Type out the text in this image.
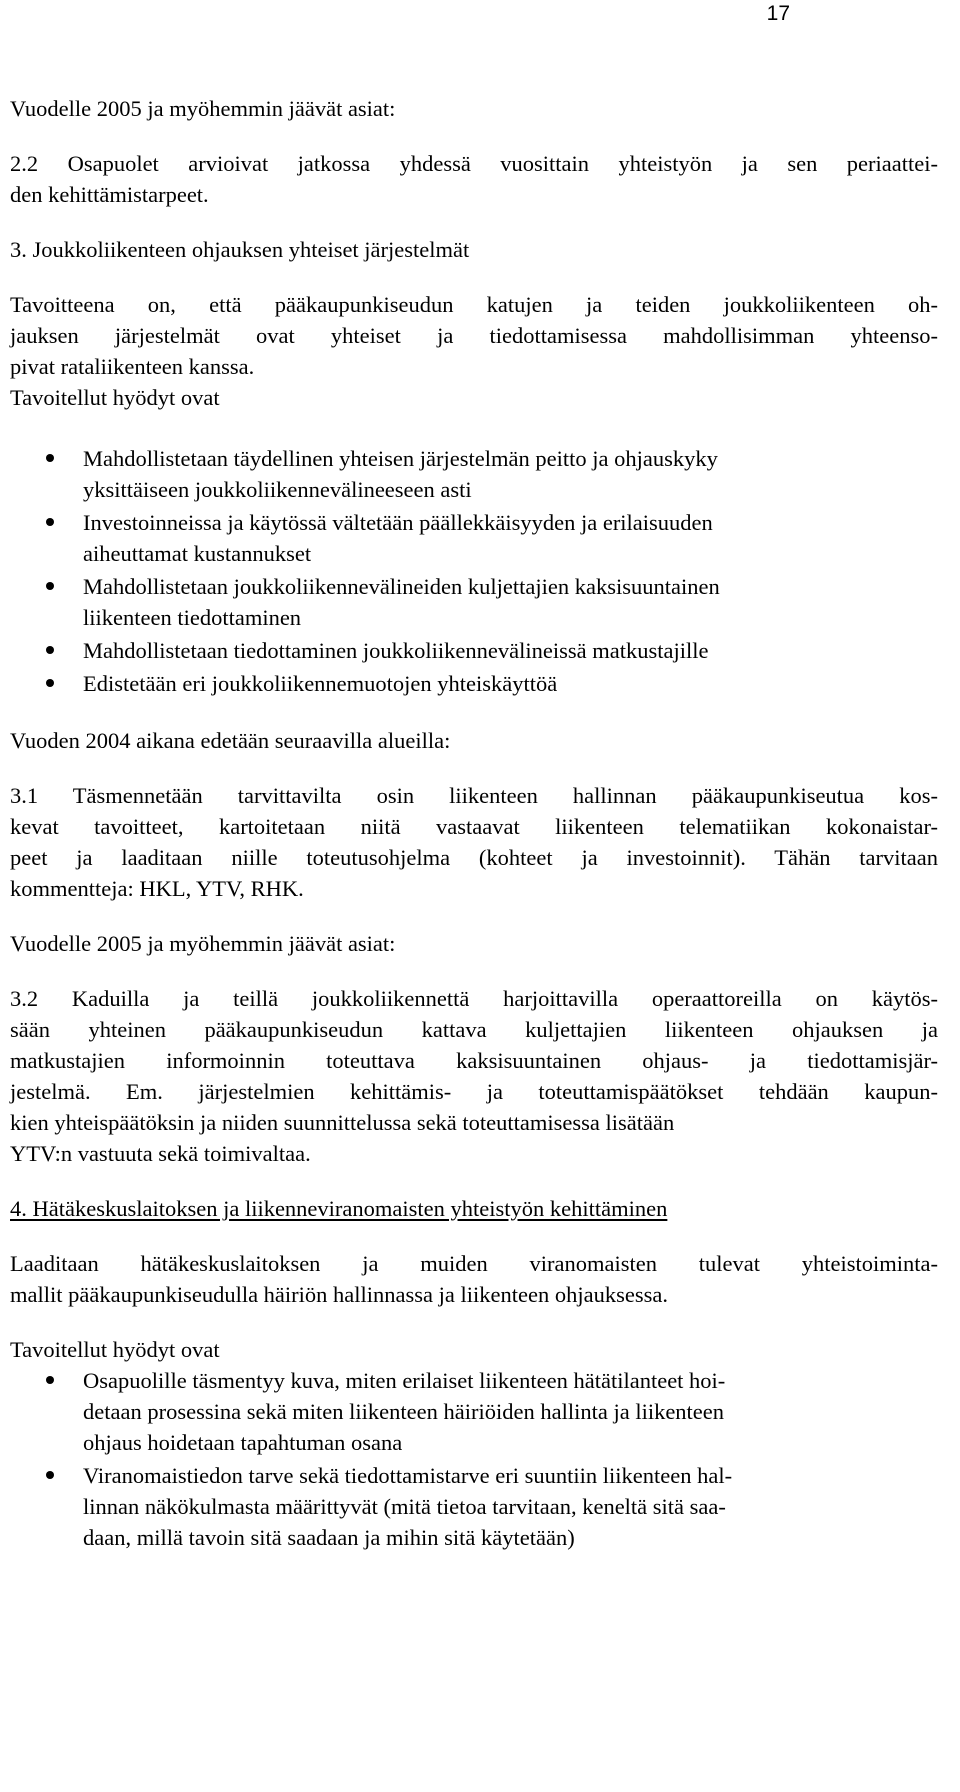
17

Vuodelle 2005 ja myöhemmin jäävät asiat:

2.2 Osapuolet arvioivat jatkossa yhdessä vuosittain yhteistyön ja sen periaattei-
den kehittämistarpeet.

3. Joukkoliikenteen ohjauksen yhteiset järjestelmät

Tavoitteena on, että pääkaupunkiseudun katujen ja teiden joukkoliikenteen oh-
jauksen järjestelmät ovat yhteiset ja tiedottamisessa mahdollisimman yhteenso-
pivat rataliikenteen kanssa.

Tavoitellut hyödyt ovat

Mahdollistetaan täydellinen yhteisen järjestelmän peitto ja ohjauskyky
yksittäiseen joukkoliikennevälineeseen asti
Investoinneissa ja käytössä vältetään päällekkäisyyden ja erilaisuuden
aiheuttamat kustannukset
Mahdollistetaan joukkoliikennevälineiden kuljettajien kaksisuuntainen
liikenteen tiedottaminen
Mahdollistetaan tiedottaminen joukkoliikennevälineissä matkustajille
Edistetään eri joukkoliikennemuotojen yhteiskäyttöä

Vuoden 2004 aikana edetään seuraavilla alueilla:

3.1 Täsmennetään tarvittavilta osin liikenteen hallinnan pääkaupunkiseutua kos-
kevat tavoitteet, kartoitetaan niitä vastaavat liikenteen telematiikan kokonaistar-
peet ja laaditaan niille toteutusohjelma (kohteet ja investoinnit). Tähän tarvitaan
kommentteja: HKL, YTV, RHK.

Vuodelle 2005 ja myöhemmin jäävät asiat:

3.2 Kaduilla ja teillä joukkoliikennettä harjoittavilla operaattoreilla on käytös-
sään yhteinen pääkaupunkiseudun kattava kuljettajien liikenteen ohjauksen ja
matkustajien informoinnin toteuttava kaksisuuntainen ohjaus- ja tiedottamisjär-
jestelmä. Em. järjestelmien kehittämis- ja toteuttamispäätökset tehdään kaupun-
kien yhteispäätöksin ja niiden suunnittelussa sekä toteuttamisessa lisätään
YTV:n vastuuta sekä toimivaltaa.

4. Hätäkeskuslaitoksen ja liikenneviranomaisten yhteistyön kehittäminen

Laaditaan hätäkeskuslaitoksen ja muiden viranomaisten tulevat yhteistoiminta-
mallit pääkaupunkiseudulla häiriön hallinnassa ja liikenteen ohjauksessa.

Tavoitellut hyödyt ovat

Osapuolille täsmentyy kuva, miten erilaiset liikenteen hätätilanteet hoi-
detaan prosessina sekä miten liikenteen häiriöiden hallinta ja liikenteen
ohjaus hoidetaan tapahtuman osana
Viranomaistiedon tarve sekä tiedottamistarve eri suuntiin liikenteen hal-
linnan näkökulmasta määrittyvät (mitä tietoa tarvitaan, keneltä sitä saa-
daan, millä tavoin sitä saadaan ja mihin sitä käytetään)
